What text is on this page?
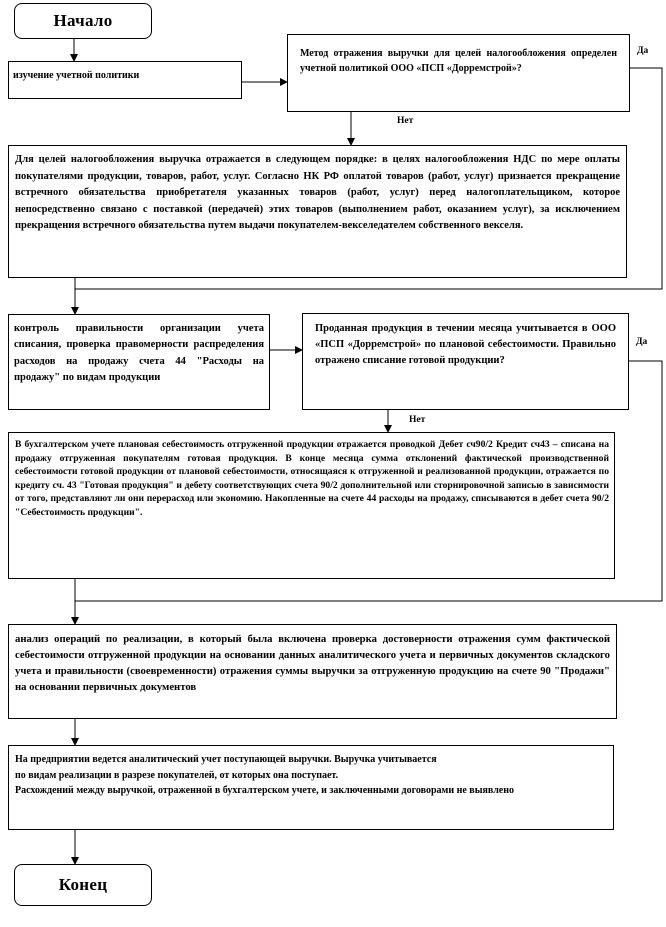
Начало
изучение учетной политики
Метод отражения выручки для целей налогообложения определен учетной политикой ООО «ПСП «Дорремстрой»?
Да
Нет
Для целей налогообложения выручка отражается в следующем порядке: в целях налогообложения НДС по мере оплаты покупателями продукции, товаров, работ, услуг. Согласно НК РФ оплатой товаров (работ, услуг) признается прекращение встречного обязательства приобретателя указанных товаров (работ, услуг) перед налогоплательщиком, которое непосредственно связано с поставкой (передачей) этих товаров (выполнением работ, оказанием услуг), за исключением прекращения встречного обязательства путем выдачи покупателем-векселедателем собственного векселя.
контроль правильности организации учета списания, проверка правомерности распределения расходов на продажу счета 44 "Расходы на продажу" по видам продукции
Проданная продукция в течении месяца учитывается в ООО «ПСП «Дорремстрой» по плановой себестоимости. Правильно отражено списание готовой продукции?
Да
Нет
В бухгалтерском учете плановая себестоимость отгруженной продукции отражается проводкой Дебет сч90/2 Кредит сч43 – списана на продажу отгруженная покупателям готовая продукция. В конце месяца сумма отклонений фактической производственной себестоимости готовой продукции от плановой себестоимости, относящаяся к отгруженной и реализованной продукции, отражается по кредиту сч. 43 "Готовая продукция" и дебету соответствующих счета 90/2 дополнительной или сторнировочной записью в зависимости от того, представляют ли они перерасход или экономию. Накопленные на счете 44 расходы на продажу, списываются в дебет счета 90/2 "Себестоимость продукции".
анализ операций по реализации, в который была включена проверка достоверности отражения сумм фактической себестоимости отгруженной продукции на основании данных аналитического учета и первичных документов складского учета и правильности (своевременности) отражения суммы выручки за отгруженную продукцию на счете 90 "Продажи" на основании первичных документов
На предприятии ведется аналитический учет поступающей выручки. Выручка учитывается
по видам реализации в разрезе покупателей, от которых она поступает.
Расхождений между выручкой, отраженной в бухгалтерском учете, и заключенными договорами не выявлено
Конец
